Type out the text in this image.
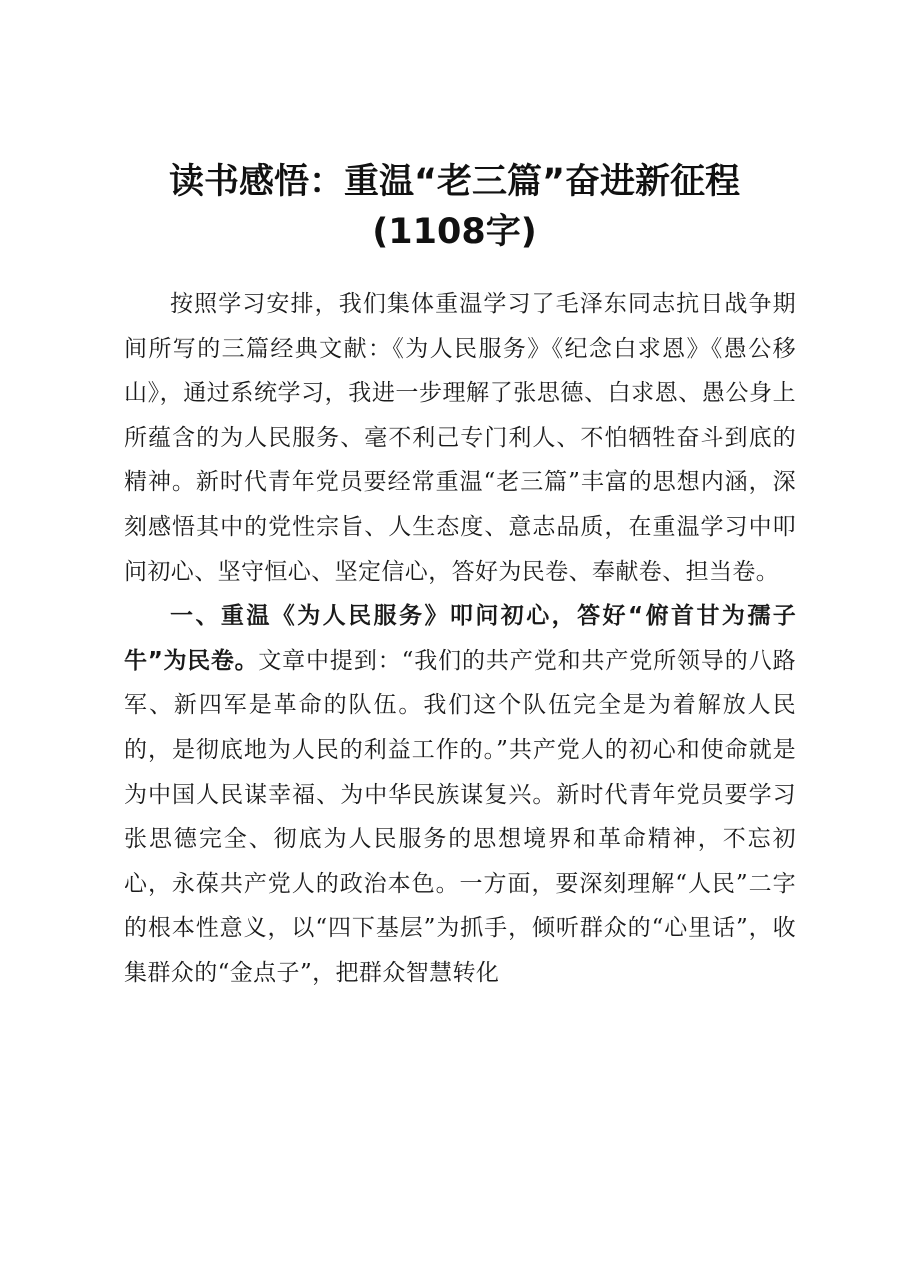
读书感悟：重温“老三篇”奋进新征程
(1108字)

按照学习安排，我们集体重温学习了毛泽东同志抗日战争期间所写的三篇经典文献：《为人民服务》《纪念白求恩》《愚公移山》，通过系统学习，我进一步理解了张思德、白求恩、愚公身上所蕴含的为人民服务、毫不利己专门利人、不怕牺牲奋斗到底的精神。新时代青年党员要经常重温“老三篇”丰富的思想内涵，深刻感悟其中的党性宗旨、人生态度、意志品质，在重温学习中叩问初心、坚守恒心、坚定信心，答好为民卷、奉献卷、担当卷。

一、重温《为人民服务》叩问初心，答好“俯首甘为孺子牛”为民卷。文章中提到：“我们的共产党和共产党所领导的八路军、新四军是革命的队伍。我们这个队伍完全是为着解放人民的，是彻底地为人民的利益工作的。”共产党人的初心和使命就是为中国人民谋幸福、为中华民族谋复兴。新时代青年党员要学习张思德完全、彻底为人民服务的思想境界和革命精神，不忘初心，永葆共产党人的政治本色。一方面，要深刻理解“人民”二字的根本性意义，以“四下基层”为抓手，倾听群众的“心里话”，收集群众的“金点子”，把群众智慧转化
